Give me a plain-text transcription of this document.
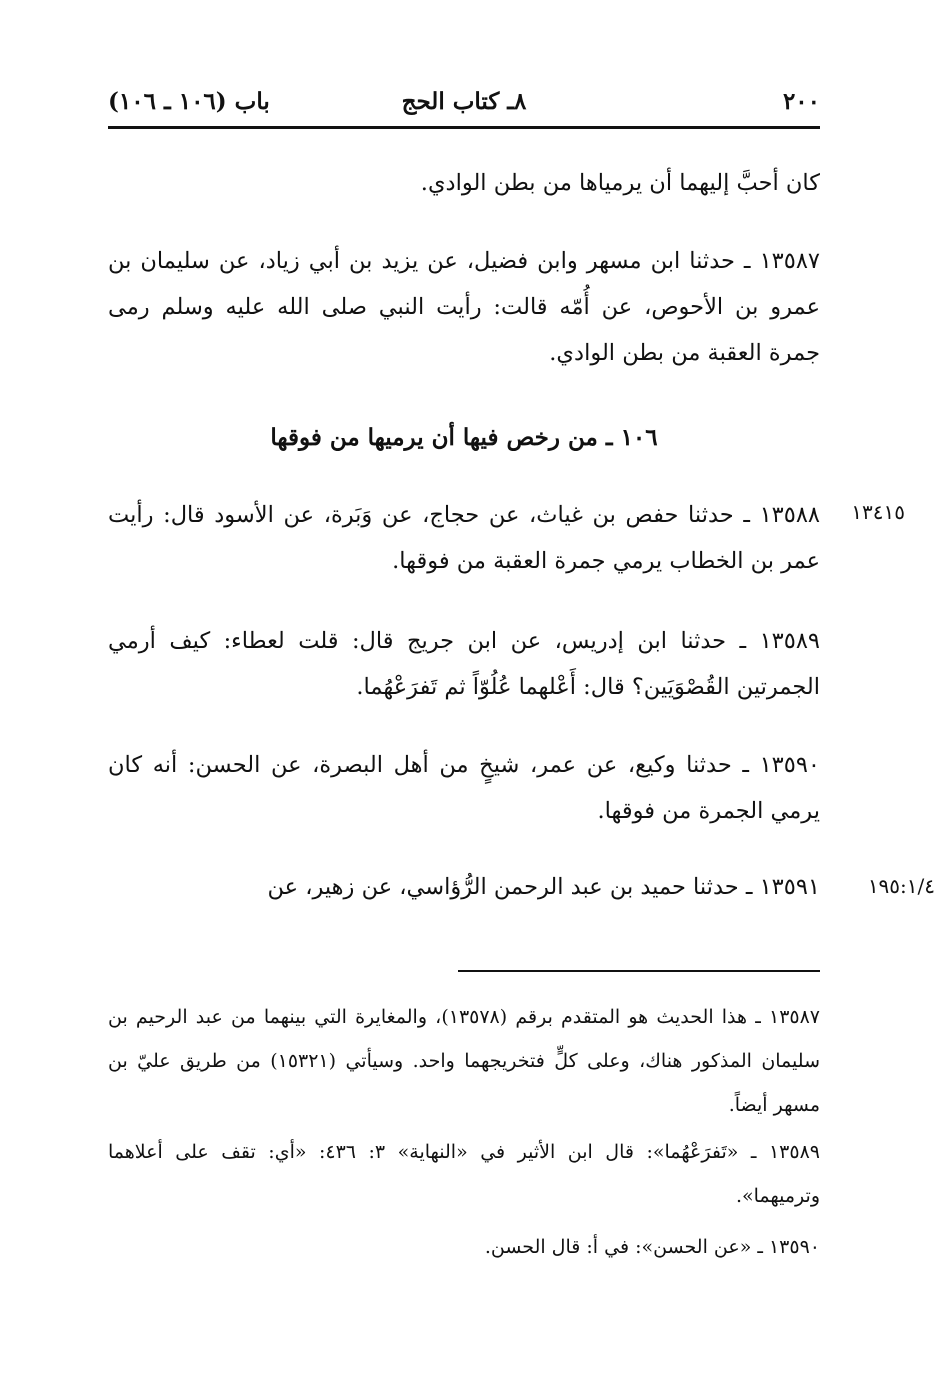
٢٠٠
٨ـ كتاب الحج
باب (١٠٦ ـ ١٠٦)

كان أحبَّ إليهما أن يرمياها من بطن الوادي.

١٣٥٨٧ ـ حدثنا ابن مسهر وابن فضيل، عن يزيد بن أبي زياد، عن سليمان بن عمرو بن الأحوص، عن أُمّه قالت: رأيت النبي صلى الله عليه وسلم رمى جمرة العقبة من بطن الوادي.

١٠٦ ـ من رخص فيها أن يرميها من فوقها

١٣٤١٥

١٣٥٨٨ ـ حدثنا حفص بن غياث، عن حجاج، عن وَبَرة، عن الأسود قال: رأيت عمر بن الخطاب يرمي جمرة العقبة من فوقها.

١٣٥٨٩ ـ حدثنا ابن إدريس، عن ابن جريج قال: قلت لعطاء: كيف أرمي الجمرتين القُصْوَيَين؟ قال: أَعْلهما عُلُوّاً ثم تَفرَعْهُما.

١٣٥٩٠ ـ حدثنا وكيع، عن عمر، شيخٍ من أهل البصرة، عن الحسن: أنه كان يرمي الجمرة من فوقها.

١٩٥:١/٤

١٣٥٩١ ـ حدثنا حميد بن عبد الرحمن الرُّؤاسي، عن زهير، عن

١٣٥٨٧ ـ هذا الحديث هو المتقدم برقم (١٣٥٧٨)، والمغايرة التي بينهما من عبد الرحيم بن سليمان المذكور هناك، وعلى كلٍّ فتخريجهما واحد. وسيأتي (١٥٣٢١) من طريق عليّ بن مسهر أيضاً.

١٣٥٨٩ ـ «تَفرَعْهُما»: قال ابن الأثير في «النهاية» ٣: ٤٣٦: «أي: تقف على أعلاهما وترميهما».

١٣٥٩٠ ـ «عن الحسن»: في أ: قال الحسن.
